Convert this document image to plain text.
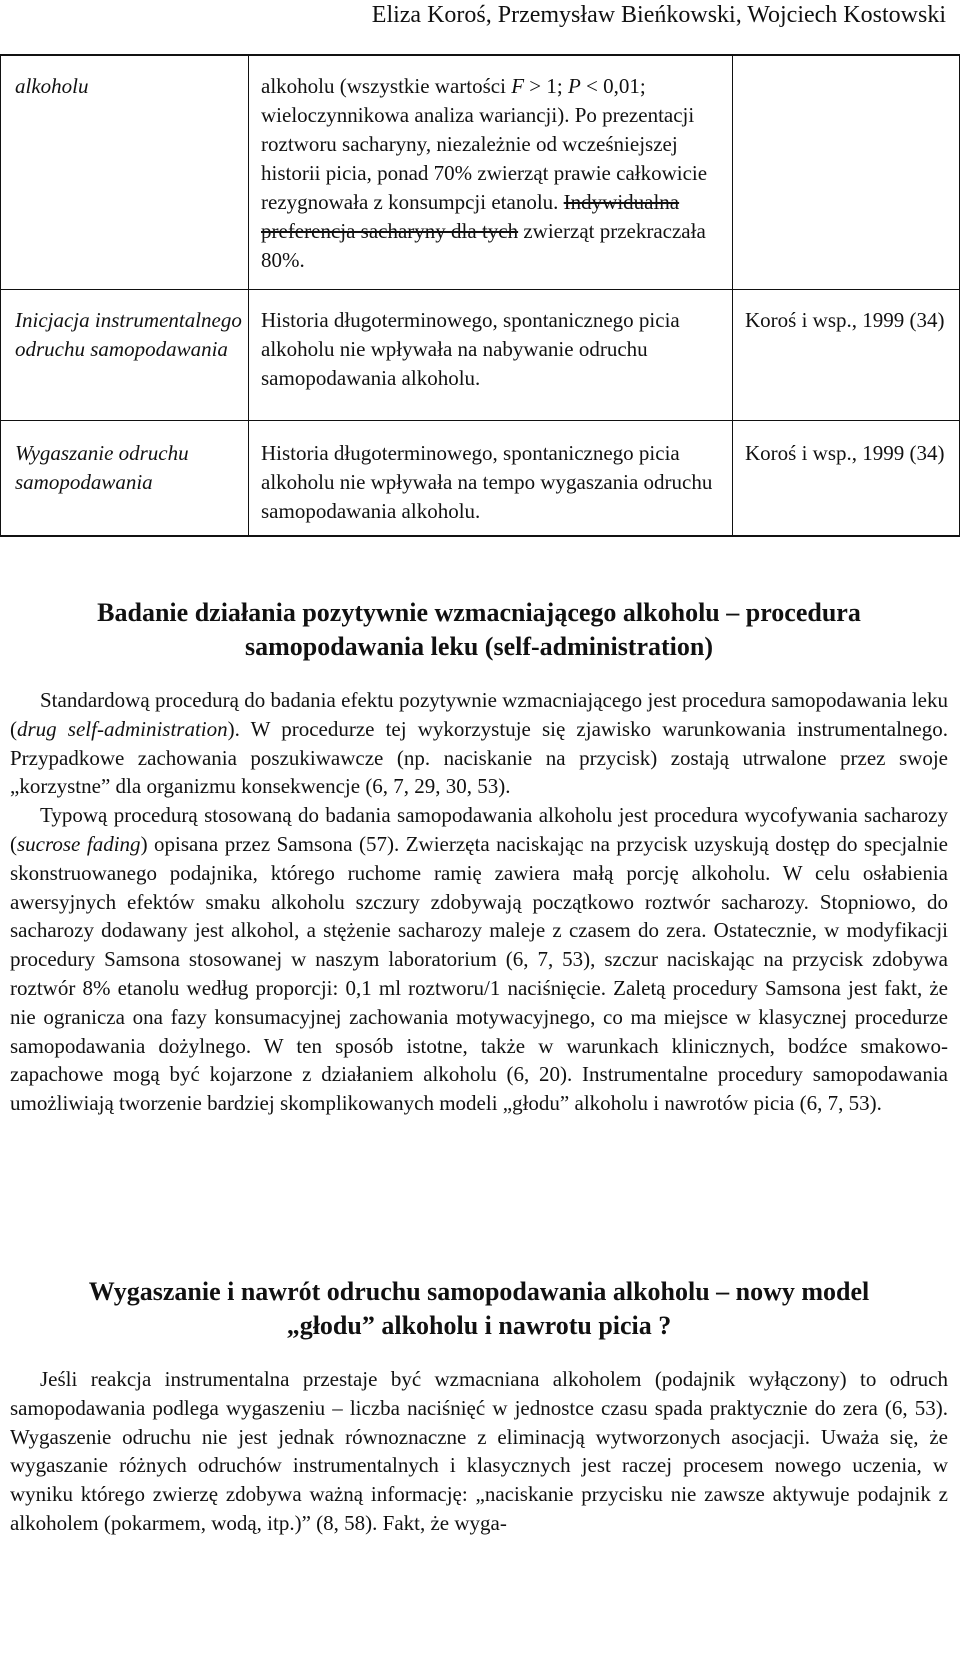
Eliza Koroś, Przemysław Bieńkowski, Wojciech Kostowski
alkoholu	alkoholu (wszystkie wartości F > 1; P < 0,01; wieloczynnikowa analiza wariancji). Po prezentacji roztworu sacharyny, niezależnie od wcześniejszej historii picia, ponad 70% zwierząt prawie całkowicie rezygnowała z konsumpcji etanolu. Indywidualna preferencja sacharyny dla tych zwierząt przekraczała 80%.
Inicjacja instrumentalnego odruchu samopodawania
Historia długoterminowego, spontanicznego picia alkoholu nie wpływała na nabywanie odruchu samopodawania alkoholu.
Koroś i wsp., 1999 (34)
Wygaszanie odruchu samopodawania
Historia długoterminowego, spontanicznego picia alkoholu nie wpływała na tempo wygaszania odruchu samopodawania alkoholu.
Koroś i wsp., 1999 (34)
Badanie działania pozytywnie wzmacniającego alkoholu – procedura
samopodawania leku (self-administration)

Standardową procedurą do badania efektu pozytywnie wzmacniającego jest procedura samopodawania leku (drug self-administration). W procedurze tej wykorzystuje się zjawisko warunkowania instrumentalnego. Przypadkowe zachowania poszukiwawcze (np. naciskanie na przycisk) zostają utrwalone przez swoje „korzystne” dla organizmu konsekwencje (6, 7, 29, 30, 53).

Typową procedurą stosowaną do badania samopodawania alkoholu jest procedura wycofywania sacharozy (sucrose fading) opisana przez Samsona (57). Zwierzęta naciskając na przycisk uzyskują dostęp do specjalnie skonstruowanego podajnika, którego ruchome ramię zawiera małą porcję alkoholu. W celu osłabienia awersyjnych efektów smaku alkoholu szczury zdobywają początkowo roztwór sacharozy. Stopniowo, do sacharozy dodawany jest alkohol, a stężenie sacharozy maleje z czasem do zera. Ostatecznie, w modyfikacji procedury Samsona stosowanej w naszym laboratorium (6, 7, 53), szczur naciskając na przycisk zdobywa roztwór 8% etanolu według proporcji: 0,1 ml roztworu/1 naciśnięcie. Zaletą procedury Samsona jest fakt, że nie ogranicza ona fazy konsumacyjnej zachowania motywacyjnego, co ma miejsce w klasycznej procedurze samopodawania dożylnego. W ten sposób istotne, także w warunkach klinicznych, bodźce smakowo-zapachowe mogą być kojarzone z działaniem alkoholu (6, 20). Instrumentalne procedury samopodawania umożliwiają tworzenie bardziej skomplikowanych modeli „głodu” alkoholu i nawrotów picia (6, 7, 53).

Wygaszanie i nawrót odruchu samopodawania alkoholu – nowy model
„głodu” alkoholu i nawrotu picia ?

Jeśli reakcja instrumentalna przestaje być wzmacniana alkoholem (podajnik wyłączony) to odruch samopodawania podlega wygaszeniu – liczba naciśnięć w jednostce czasu spada praktycznie do zera (6, 53). Wygaszenie odruchu nie jest jednak równoznaczne z eliminacją wytworzonych asocjacji. Uważa się, że wygaszanie różnych odruchów instrumentalnych i klasycznych jest raczej procesem nowego uczenia, w wyniku którego zwierzę zdobywa ważną informację: „naciskanie przycisku nie zawsze aktywuje podajnik z alkoholem (pokarmem, wodą, itp.)” (8, 58). Fakt, że wyga-
